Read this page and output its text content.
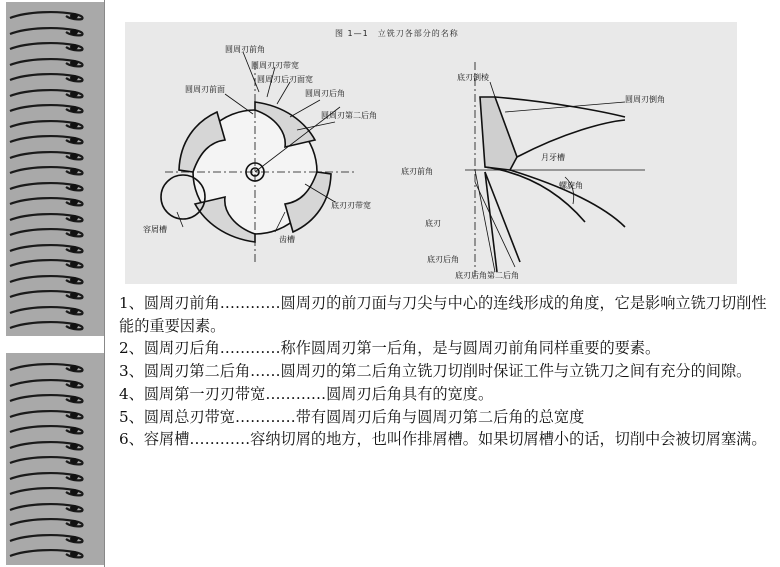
图 1—1　立铣刀各部分的名称
圆周刃前角
圆周刃刃带宽
圆周刃后刃面宽
圆周刃前面	圆周刃后角
圆周刃第二后角
底刃刃带宽
容屑槽
齿槽
底刃倒棱
圆周刃倒角
月牙槽
底刃前角
螺旋角
底刃
底刃后角
底刃后角第二后角

1、圆周刃前角…………圆周刃的前刀面与刀尖与中心的连线形成的角度，它是影响立铣刀切削性能的重要因素。

2、圆周刃后角…………称作圆周刃第一后角，是与圆周刃前角同样重要的要素。

3、圆周刃第二后角……圆周刃的第二后角立铣刀切削时保证工件与立铣刀之间有充分的间隙。

4、圆周第一刃刃带宽…………圆周刃后角具有的宽度。

5、圆周总刃带宽…………带有圆周刃后角与圆周刃第二后角的总宽度

6、容屑槽…………容纳切屑的地方，也叫作排屑槽。如果切屑槽小的话，切削中会被切屑塞满。
